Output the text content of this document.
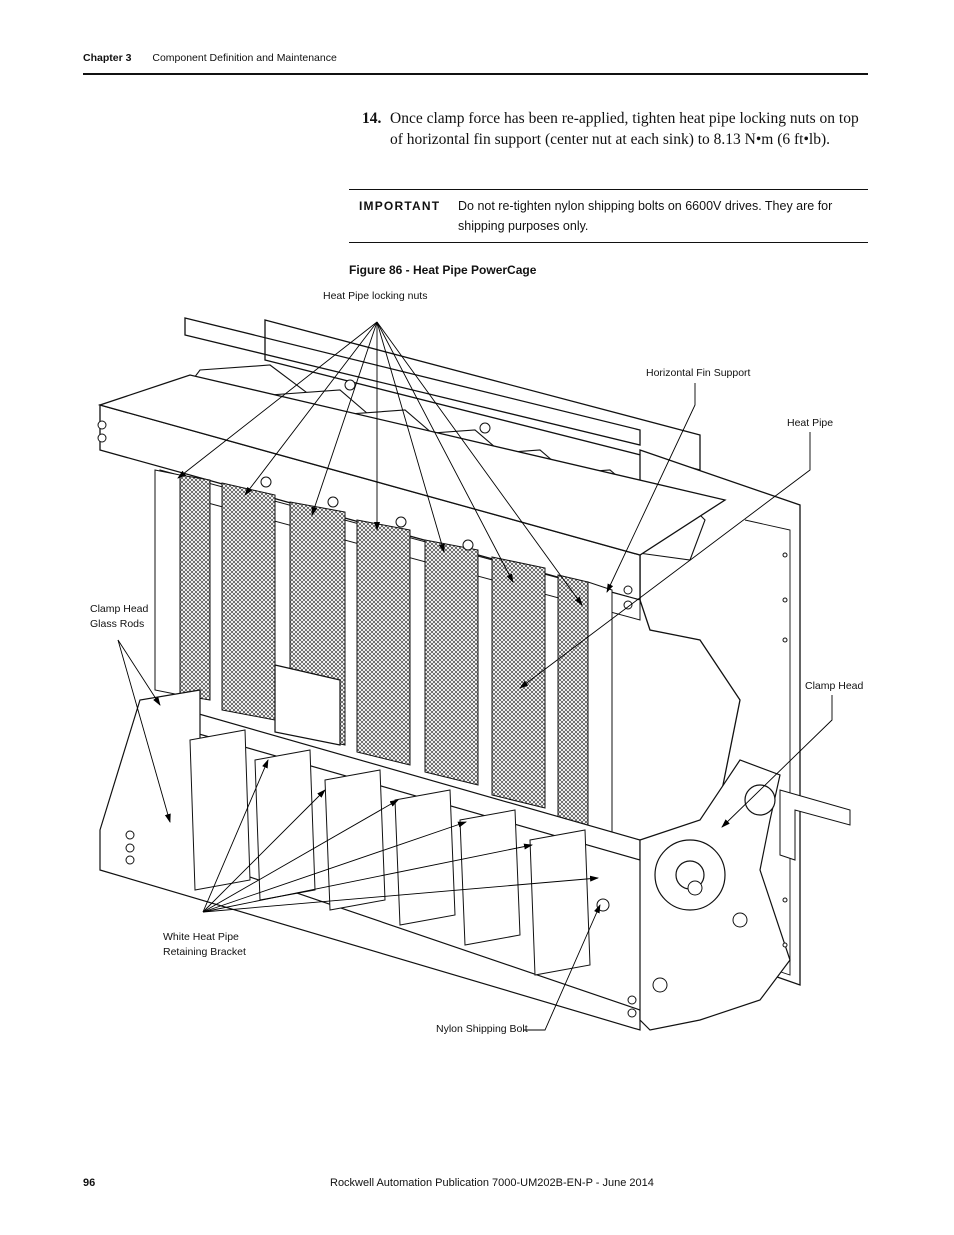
Chapter 3 Component Definition and Maintenance
14. Once clamp force has been re-applied, tighten heat pipe locking nuts on top of horizontal fin support (center nut at each sink) to 8.13 N•m (6 ft•lb).
IMPORTANT Do not re-tighten nylon shipping bolts on 6600V drives. They are for shipping purposes only.
Figure 86 - Heat Pipe PowerCage
Heat Pipe locking nuts
Horizontal Fin Support
Heat Pipe
Clamp Head
Glass Rods
Clamp Head
White Heat Pipe
Retaining Bracket
Nylon Shipping Bolt
96	Rockwell Automation Publication 7000-UM202B-EN-P - June 2014
